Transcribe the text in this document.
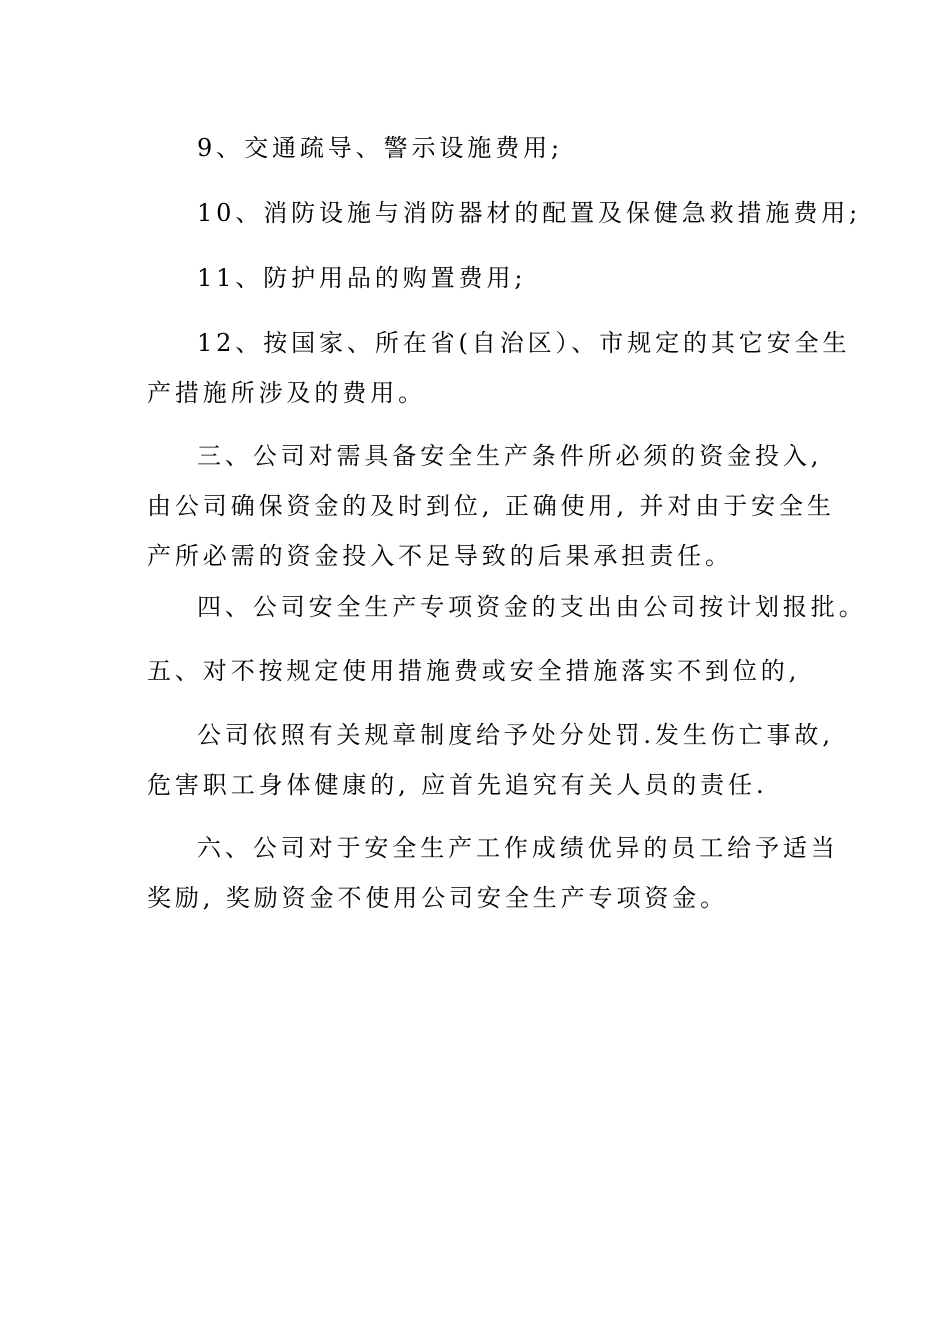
9、交通疏导、警示设施费用;

10、消防设施与消防器材的配置及保健急救措施费用;

11、防护用品的购置费用;

12、按国家、所在省(自治区）、市规定的其它安全生

产措施所涉及的费用。

三、公司对需具备安全生产条件所必须的资金投入,

由公司确保资金的及时到位, 正确使用, 并对由于安全生

产所必需的资金投入不足导致的后果承担责任。

四、公司安全生产专项资金的支出由公司按计划报批。

五、对不按规定使用措施费或安全措施落实不到位的,

公司依照有关规章制度给予处分处罚.发生伤亡事故,

危害职工身体健康的, 应首先追究有关人员的责任.

六、公司对于安全生产工作成绩优异的员工给予适当

奖励, 奖励资金不使用公司安全生产专项资金。
